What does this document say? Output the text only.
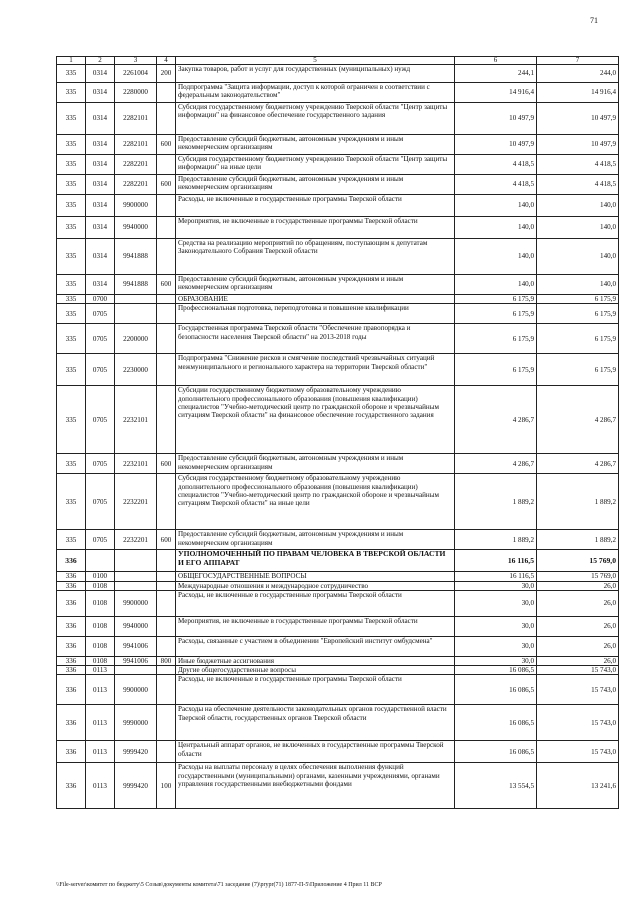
71
1	2	3	4	5	6	7
335	0314	2261004	200	Закупка товаров, работ и услуг для государственных (муниципальных) нужд	244,1	244,0
335	0314	2280000		Подпрограмма "Защита информации, доступ к которой ограничен в соответствии с федеральным законодательством"	14 916,4	14 916,4
335	0314	2282101		Субсидия государственному бюджетному учреждению Тверской области "Центр защиты информации" на финансовое обеспечение государственного задания	10 497,9	10 497,9
335	0314	2282101	600	Предоставление субсидий бюджетным, автономным учреждениям и иным некоммерческим организациям	10 497,9	10 497,9
335	0314	2282201		Субсидия государственному бюджетному учреждению Тверской области "Центр защиты информации" на иные цели	4 418,5	4 418,5
335	0314	2282201	600	Предоставление субсидий бюджетным, автономным учреждениям и иным некоммерческим организациям	4 418,5	4 418,5
335	0314	9900000		Расходы, не включенные в государственные программы Тверской области	140,0	140,0
335	0314	9940000		Мероприятия, не включенные в государственные программы Тверской области	140,0	140,0
335	0314	9941888		Средства на реализацию мероприятий по обращениям, поступающим к депутатам Законодательного Собрания Тверской области	140,0	140,0
335	0314	9941888	600	Предоставление субсидий бюджетным, автономным учреждениям и иным некоммерческим организациям	140,0	140,0
335	0700			ОБРАЗОВАНИЕ	6 175,9	6 175,9
335	0705			Профессиональная подготовка, переподготовка и повышение квалификации	6 175,9	6 175,9
335	0705	2200000		Государственная программа Тверской области "Обеспечение правопорядка и безопасности населения Тверской области" на 2013-2018 годы	6 175,9	6 175,9
335	0705	2230000		Подпрограмма "Снижение рисков и смягчение последствий чрезвычайных ситуаций межмуниципального и регионального характера на территории Тверской области"	6 175,9	6 175,9
335	0705	2232101		Субсидии государственному бюджетному образовательному учреждению дополнительного профессионального образования (повышения квалификации) специалистов "Учебно-методический центр по гражданской обороне и чрезвычайным ситуациям Тверской области" на финансовое обеспечение государственного задания	4 286,7	4 286,7
335	0705	2232101	600	Предоставление субсидий бюджетным, автономным учреждениям и иным некоммерческим организациям	4 286,7	4 286,7
335	0705	2232201		Субсидия государственному бюджетному образовательному учреждению дополнительного профессионального образования (повышения квалификации) специалистов "Учебно-методический центр по гражданской обороне и чрезвычайным ситуациям Тверской области" на иные цели	1 889,2	1 889,2
335	0705	2232201	600	Предоставление субсидий бюджетным, автономным учреждениям и иным некоммерческим организациям	1 889,2	1 889,2
336				УПОЛНОМОЧЕННЫЙ ПО ПРАВАМ ЧЕЛОВЕКА В ТВЕРСКОЙ ОБЛАСТИ И ЕГО АППАРАТ	16 116,5	15 769,0
336	0100			ОБЩЕГОСУДАРСТВЕННЫЕ ВОПРОСЫ	16 116,5	15 769,0
336	0108			Международные отношения и международное сотрудничество	30,0	26,0
336	0108	9900000		Расходы, не включенные в государственные программы Тверской области	30,0	26,0
336	0108	9940000		Мероприятия, не включенные в государственные программы Тверской области	30,0	26,0
336	0108	9941006		Расходы, связанные с участием в объединении "Европейский институт омбудсмена"	30,0	26,0
336	0108	9941006	800	Иные бюджетные ассигнования	30,0	26,0
336	0113			Другие общегосударственные вопросы	16 086,5	15 743,0
336	0113	9900000		Расходы, не включенные в государственные программы Тверской области	16 086,5	15 743,0
336	0113	9990000		Расходы на обеспечение деятельности законодательных органов государственной власти Тверской области, государственных органов Тверской области	16 086,5	15 743,0
336	0113	9999420		Центральный аппарат органов, не включенных в государственные программы Тверской области	16 086,5	15 743,0
336	0113	9999420	100	Расходы на выплаты персоналу в целях обеспечения выполнения функций государственными (муниципальными) органами, казенными учреждениями, органами управления государственными внебюджетными фондами	13 554,5	13 241,6
\\File-server\комитет по бюджету\5 Созыв\документы комитета\71 заседание (7)\prуpr(71) 1877-П-5\Приложение 4 Прил 11 ВСР
